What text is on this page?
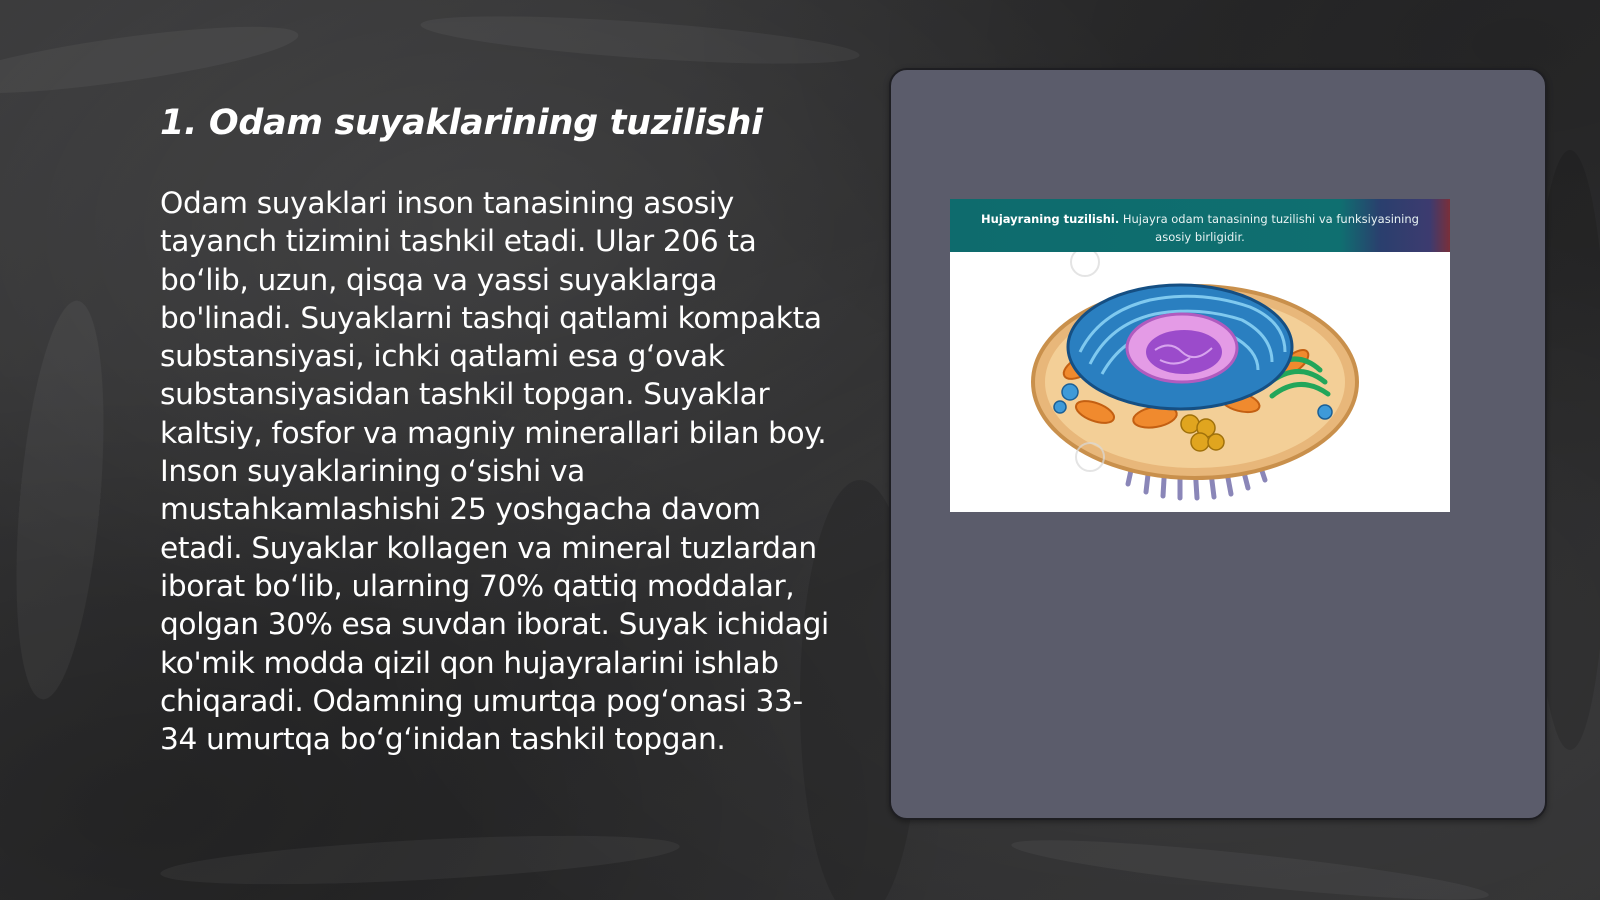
1. Odam suyaklarining tuzilishi

Odam suyaklari inson tanasining asosiy tayanch tizimini tashkil etadi. Ular 206 ta bo‘lib, uzun, qisqa va yassi suyaklarga bo'linadi. Suyaklarni tashqi qatlami kompakta substansiyasi, ichki qatlami esa g‘ovak substansiyasidan tashkil topgan. Suyaklar kaltsiy, fosfor va magniy minerallari bilan boy. Inson suyaklarining o‘sishi va mustahkamlashishi 25 yoshgacha davom etadi. Suyaklar kollagen va mineral tuzlardan iborat bo‘lib, ularning 70% qattiq moddalar, qolgan 30% esa suvdan iborat. Suyak ichidagi ko'mik modda qizil qon hujayralarini ishlab chiqaradi. Odamning umurtqa pog‘onasi 33-34 umurtqa bo‘g‘inidan tashkil topgan.

Hujayraning tuzilishi. Hujayra odam tanasining tuzilishi va funksiyasining asosiy birligidir.
